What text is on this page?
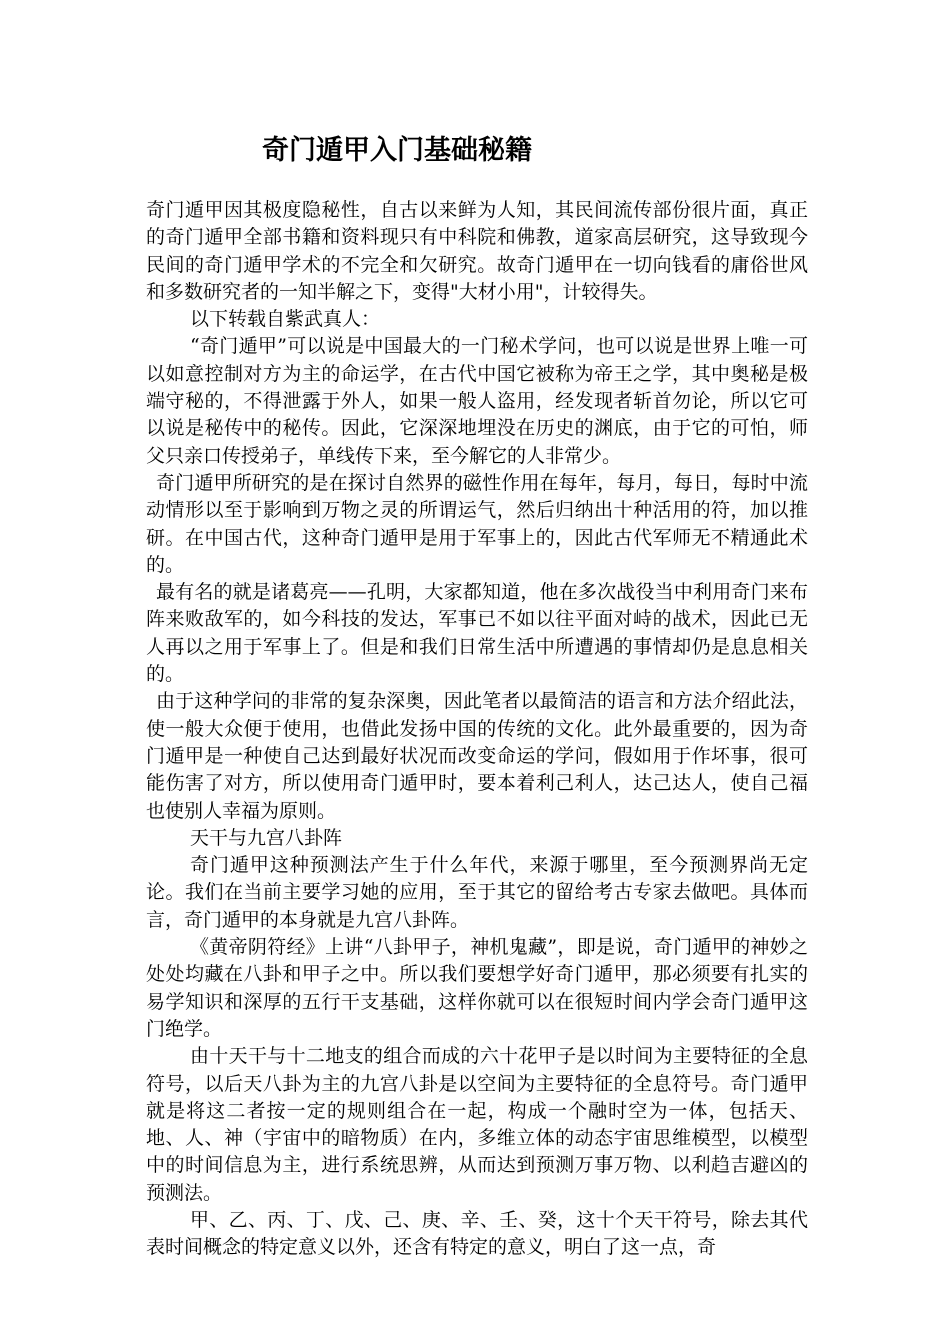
奇门遁甲入门基础秘籍

奇门遁甲因其极度隐秘性，自古以来鲜为人知，其民间流传部份很片面，真正的奇门遁甲全部书籍和资料现只有中科院和佛教，道家高层研究，这导致现今民间的奇门遁甲学术的不完全和欠研究。故奇门遁甲在一切向钱看的庸俗世风和多数研究者的一知半解之下，变得"大材小用"，计较得失。

以下转载自紫武真人：

“奇门遁甲”可以说是中国最大的一门秘术学问，也可以说是世界上唯一可以如意控制对方为主的命运学，在古代中国它被称为帝王之学，其中奥秘是极端守秘的，不得泄露于外人，如果一般人盗用，经发现者斩首勿论，所以它可以说是秘传中的秘传。因此，它深深地埋没在历史的渊底，由于它的可怕，师父只亲口传授弟子，单线传下来，至今解它的人非常少。

奇门遁甲所研究的是在探讨自然界的磁性作用在每年，每月，每日，每时中流动情形以至于影响到万物之灵的所谓运气，然后归纳出十种活用的符，加以推研。在中国古代，这种奇门遁甲是用于军事上的，因此古代军师无不精通此术的。

最有名的就是诸葛亮——孔明，大家都知道，他在多次战役当中利用奇门来布阵来败敌军的，如今科技的发达，军事已不如以往平面对峙的战术，因此已无人再以之用于军事上了。但是和我们日常生活中所遭遇的事情却仍是息息相关的。

由于这种学问的非常的复杂深奥，因此笔者以最简洁的语言和方法介绍此法，使一般大众便于使用，也借此发扬中国的传统的文化。此外最重要的，因为奇门遁甲是一种使自己达到最好状况而改变命运的学问，假如用于作坏事，很可能伤害了对方，所以使用奇门遁甲时，要本着利己利人，达己达人，使自己福也使别人幸福为原则。

天干与九宫八卦阵

奇门遁甲这种预测法产生于什么年代，来源于哪里，至今预测界尚无定论。我们在当前主要学习她的应用，至于其它的留给考古专家去做吧。具体而言，奇门遁甲的本身就是九宫八卦阵。

《黄帝阴符经》上讲“八卦甲子，神机鬼藏”，即是说，奇门遁甲的神妙之处处均藏在八卦和甲子之中。所以我们要想学好奇门遁甲，那必须要有扎实的易学知识和深厚的五行干支基础，这样你就可以在很短时间内学会奇门遁甲这门绝学。

由十天干与十二地支的组合而成的六十花甲子是以时间为主要特征的全息符号，以后天八卦为主的九宫八卦是以空间为主要特征的全息符号。奇门遁甲就是将这二者按一定的规则组合在一起，构成一个融时空为一体，包括天、地、人、神（宇宙中的暗物质）在内，多维立体的动态宇宙思维模型，以模型中的时间信息为主，进行系统思辨，从而达到预测万事万物、以利趋吉避凶的预测法。

甲、乙、丙、丁、戊、己、庚、辛、壬、癸，这十个天干符号，除去其代表时间概念的特定意义以外，还含有特定的意义，明白了这一点，奇
